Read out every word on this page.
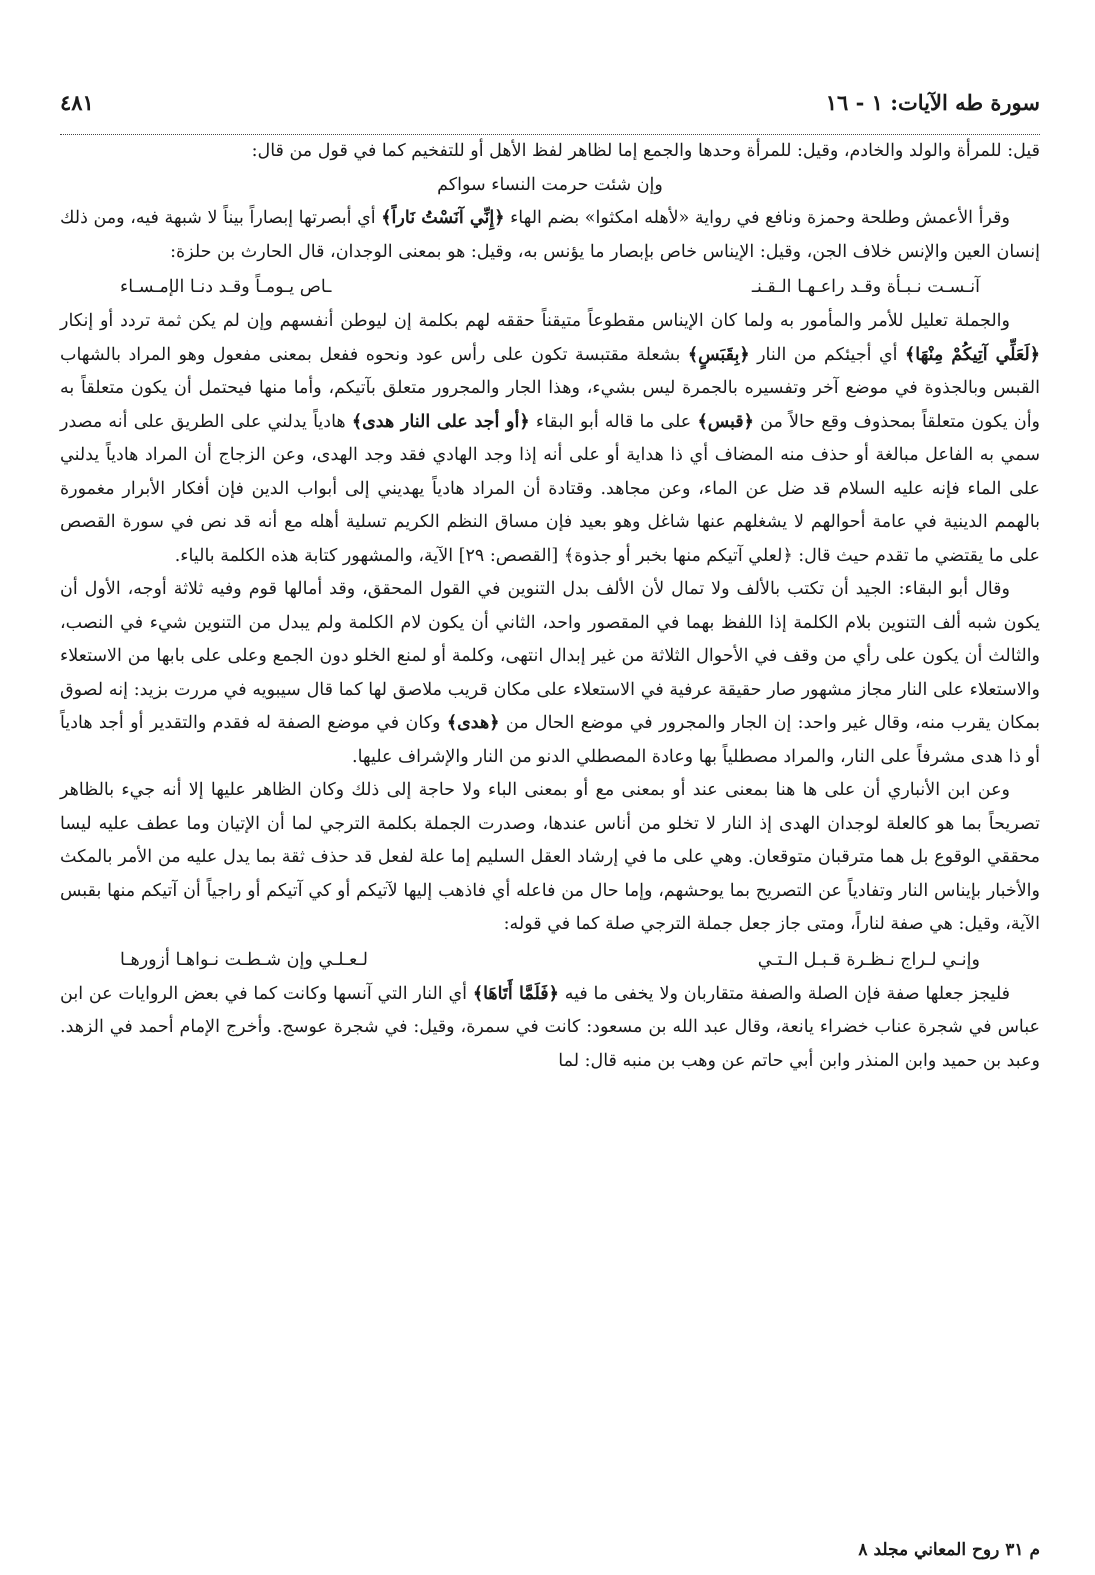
سورة طه الآيات: ١ - ١٦
٤٨١

قيل: للمرأة والولد والخادم، وقيل: للمرأة وحدها والجمع إما لظاهر لفظ الأهل أو للتفخيم كما في قول من قال:

وإن شئت حرمت النساء سواكم

وقرأ الأعمش وطلحة وحمزة ونافع في رواية «لأهله امكثوا» بضم الهاء ﴿إِنِّي آنَسْتُ نَاراً﴾ أي أبصرتها إبصاراً بيناً لا شبهة فيه، ومن ذلك إنسان العين والإنس خلاف الجن، وقيل: الإيناس خاص بإبصار ما يؤنس به، وقيل: هو بمعنى الوجدان، قال الحارث بن حلزة:

آنـسـت نـبـأة وقـد راعـهـا الـقـنـ
ـاص يـومـاً وقـد دنـا الإمـسـاء

والجملة تعليل للأمر والمأمور به ولما كان الإيناس مقطوعاً متيقناً حققه لهم بكلمة إن ليوطن أنفسهم وإن لم يكن ثمة تردد أو إنكار ﴿لَعَلِّي آتِيكُمْ مِنْهَا﴾ أي أجيئكم من النار ﴿بِقَبَسٍ﴾ بشعلة مقتبسة تكون على رأس عود ونحوه ففعل بمعنى مفعول وهو المراد بالشهاب القبس وبالجذوة في موضع آخر وتفسيره بالجمرة ليس بشيء، وهذا الجار والمجرور متعلق بآتيكم، وأما منها فيحتمل أن يكون متعلقاً به وأن يكون متعلقاً بمحذوف وقع حالاً من ﴿قبس﴾ على ما قاله أبو البقاء ﴿أو أجد على النار هدى﴾ هادياً يدلني على الطريق على أنه مصدر سمي به الفاعل مبالغة أو حذف منه المضاف أي ذا هداية أو على أنه إذا وجد الهادي فقد وجد الهدى، وعن الزجاج أن المراد هادياً يدلني على الماء فإنه عليه السلام قد ضل عن الماء، وعن مجاهد. وقتادة أن المراد هادياً يهديني إلى أبواب الدين فإن أفكار الأبرار مغمورة بالهمم الدينية في عامة أحوالهم لا يشغلهم عنها شاغل وهو بعيد فإن مساق النظم الكريم تسلية أهله مع أنه قد نص في سورة القصص على ما يقتضي ما تقدم حيث قال: ﴿لعلي آتيكم منها بخبر أو جذوة﴾ [القصص: ٢٩] الآية، والمشهور كتابة هذه الكلمة بالياء.

وقال أبو البقاء: الجيد أن تكتب بالألف ولا تمال لأن الألف بدل التنوين في القول المحقق، وقد أمالها قوم وفيه ثلاثة أوجه، الأول أن يكون شبه ألف التنوين بلام الكلمة إذا اللفظ بهما في المقصور واحد، الثاني أن يكون لام الكلمة ولم يبدل من التنوين شيء في النصب، والثالث أن يكون على رأي من وقف في الأحوال الثلاثة من غير إبدال انتهى، وكلمة أو لمنع الخلو دون الجمع وعلى على بابها من الاستعلاء والاستعلاء على النار مجاز مشهور صار حقيقة عرفية في الاستعلاء على مكان قريب ملاصق لها كما قال سيبويه في مررت بزيد: إنه لصوق بمكان يقرب منه، وقال غير واحد: إن الجار والمجرور في موضع الحال من ﴿هدى﴾ وكان في موضع الصفة له فقدم والتقدير أو أجد هادياً أو ذا هدى مشرفاً على النار، والمراد مصطلياً بها وعادة المصطلي الدنو من النار والإشراف عليها.

وعن ابن الأنباري أن على ها هنا بمعنى عند أو بمعنى مع أو بمعنى الباء ولا حاجة إلى ذلك وكان الظاهر عليها إلا أنه جيء بالظاهر تصريحاً بما هو كالعلة لوجدان الهدى إذ النار لا تخلو من أناس عندها، وصدرت الجملة بكلمة الترجي لما أن الإتيان وما عطف عليه ليسا محققي الوقوع بل هما مترقبان متوقعان. وهي على ما في إرشاد العقل السليم إما علة لفعل قد حذف ثقة بما يدل عليه من الأمر بالمكث والأخبار بإيناس النار وتفادياً عن التصريح بما يوحشهم، وإما حال من فاعله أي فاذهب إليها لآتيكم أو كي آتيكم أو راجياً أن آتيكم منها بقبس الآية، وقيل: هي صفة لناراً، ومتى جاز جعل جملة الترجي صلة كما في قوله:

وإنـي لـراج نـظـرة قـبـل الـتـي
لـعـلـي وإن شـطـت نـواهـا أزورهـا

فليجز جعلها صفة فإن الصلة والصفة متقاربان ولا يخفى ما فيه ﴿فَلَمَّا أَتَاهَا﴾ أي النار التي آنسها وكانت كما في بعض الروايات عن ابن عباس في شجرة عناب خضراء يانعة، وقال عبد الله بن مسعود: كانت في سمرة، وقيل: في شجرة عوسج. وأخرج الإمام أحمد في الزهد. وعبد بن حميد وابن المنذر وابن أبي حاتم عن وهب بن منبه قال: لما

م ٣١ روح المعاني مجلد ٨
